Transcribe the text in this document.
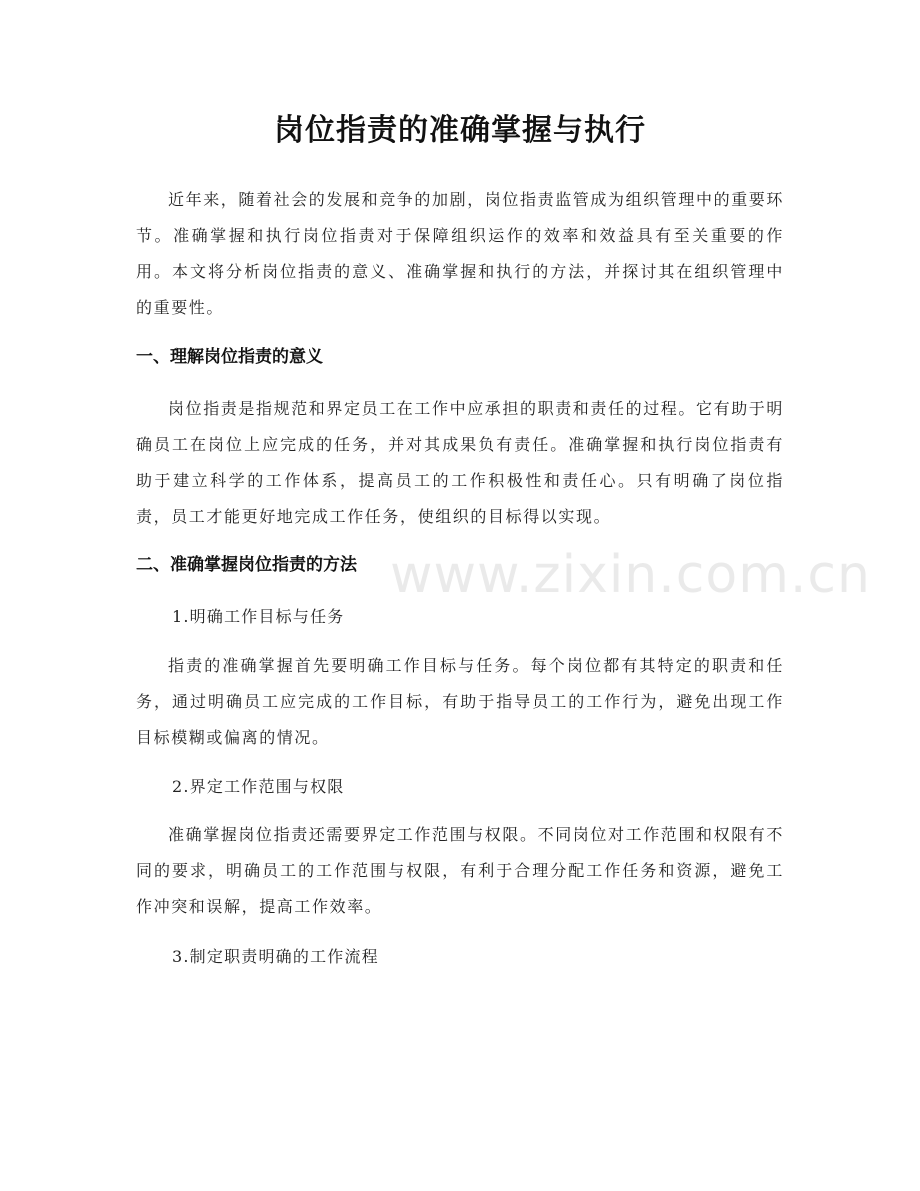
岗位指责的准确掌握与执行

近年来，随着社会的发展和竞争的加剧，岗位指责监管成为组织管理中的重要环节。准确掌握和执行岗位指责对于保障组织运作的效率和效益具有至关重要的作用。本文将分析岗位指责的意义、准确掌握和执行的方法，并探讨其在组织管理中的重要性。

一、理解岗位指责的意义

岗位指责是指规范和界定员工在工作中应承担的职责和责任的过程。它有助于明确员工在岗位上应完成的任务，并对其成果负有责任。准确掌握和执行岗位指责有助于建立科学的工作体系，提高员工的工作积极性和责任心。只有明确了岗位指责，员工才能更好地完成工作任务，使组织的目标得以实现。

二、准确掌握岗位指责的方法

1.明确工作目标与任务

指责的准确掌握首先要明确工作目标与任务。每个岗位都有其特定的职责和任务，通过明确员工应完成的工作目标，有助于指导员工的工作行为，避免出现工作目标模糊或偏离的情况。

2.界定工作范围与权限

准确掌握岗位指责还需要界定工作范围与权限。不同岗位对工作范围和权限有不同的要求，明确员工的工作范围与权限，有利于合理分配工作任务和资源，避免工作冲突和误解，提高工作效率。

3.制定职责明确的工作流程

www.zixin.com.cn
